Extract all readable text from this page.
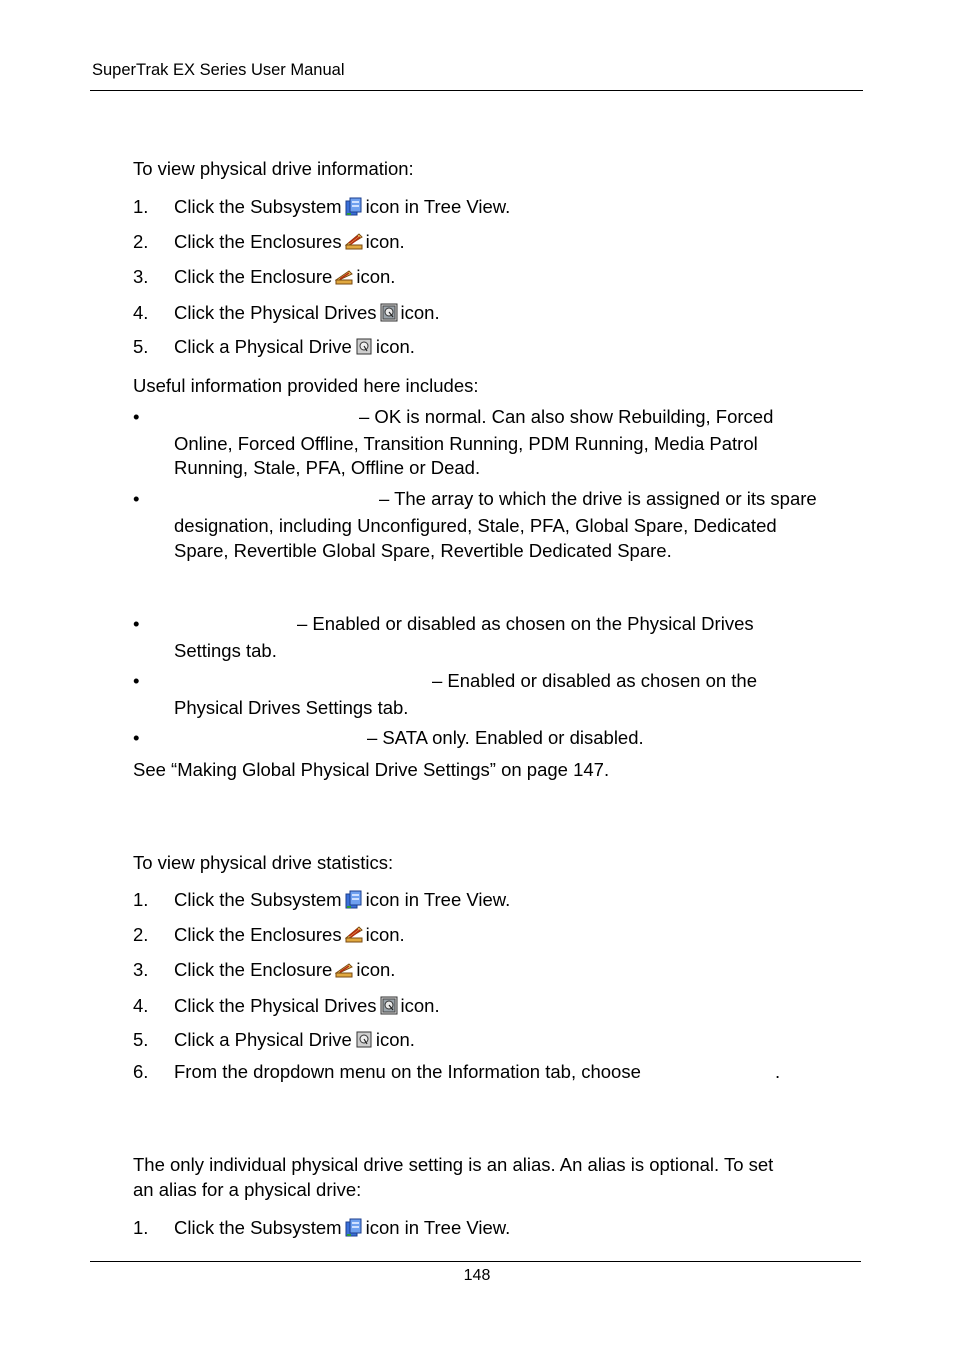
SuperTrak EX Series User Manual
To view physical drive information:
1. Click the Subsystem icon in Tree View.
2. Click the Enclosures icon.
3. Click the Enclosure icon.
4. Click the Physical Drives icon.
5. Click a Physical Drive icon.
Useful information provided here includes:
•	– OK is normal. Can also show Rebuilding, Forced
Online, Forced Offline, Transition Running, PDM Running, Media Patrol
Running, Stale, PFA, Offline or Dead.
•	– The array to which the drive is assigned or its spare
designation, including Unconfigured, Stale, PFA, Global Spare, Dedicated
Spare, Revertible Global Spare, Revertible Dedicated Spare.
•	– Enabled or disabled as chosen on the Physical Drives
Settings tab.
•	– Enabled or disabled as chosen on the
Physical Drives Settings tab.
•	– SATA only. Enabled or disabled.
See “Making Global Physical Drive Settings” on page 147.
To view physical drive statistics:
1. Click the Subsystem icon in Tree View.
2. Click the Enclosures icon.
3. Click the Enclosure icon.
4. Click the Physical Drives icon.
5. Click a Physical Drive icon.
6. From the dropdown menu on the Information tab, choose	.
The only individual physical drive setting is an alias. An alias is optional. To set
an alias for a physical drive:
1. Click the Subsystem icon in Tree View.
148
